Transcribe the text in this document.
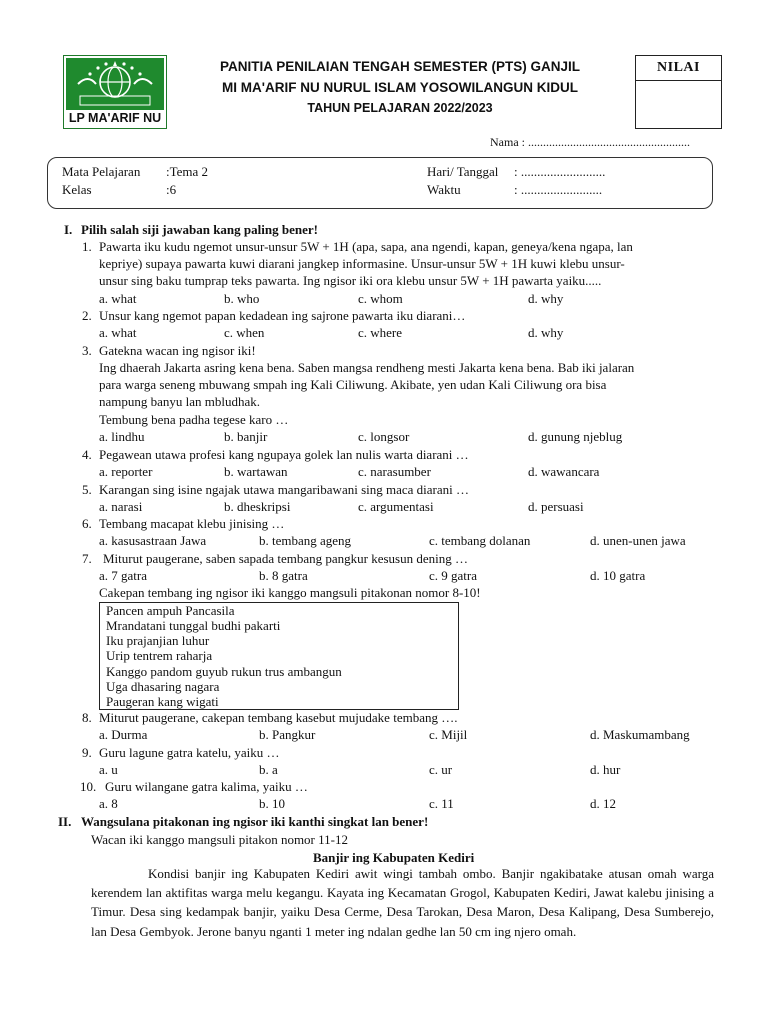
LP MA'ARIF NU
PANITIA PENILAIAN TENGAH SEMESTER (PTS) GANJIL
MI MA'ARIF NU NURUL ISLAM YOSOWILANGUN KIDUL
TAHUN PELAJARAN 2022/2023
NILAI
Nama : ......................................................
Mata Pelajaran :Tema 2
Kelas	:6
Hari/ Tanggal : ..........................
Waktu	: .........................
I. Pilih salah siji jawaban kang paling bener!
1. Pawarta iku kudu ngemot unsur-unsur 5W + 1H (apa, sapa, ana ngendi, kapan, geneya/kena ngapa, lan
kepriye) supaya pawarta kuwi diarani jangkep informasine. Unsur-unsur 5W + 1H kuwi klebu unsur-
unsur sing baku tumprap teks pawarta. Ing ngisor iki ora klebu unsur 5W + 1H pawarta yaiku.....
a. what	b. who	c. whom	d. why
2. Unsur kang ngemot papan kedadean ing sajrone pawarta iku diarani…
a. what	c. when	c. where	d. why
3. Gatekna wacan ing ngisor iki!
Ing dhaerah Jakarta asring kena bena. Saben mangsa rendheng mesti Jakarta kena bena. Bab iki jalaran
para warga seneng mbuwang smpah ing Kali Ciliwung. Akibate, yen udan Kali Ciliwung ora bisa
nampung banyu lan mbludhak.
Tembung bena padha tegese karo …
a. lindhu	b. banjir	c. longsor	d. gunung njeblug
4. Pegawean utawa profesi kang ngupaya golek lan nulis warta diarani …
a. reporter	b. wartawan	c. narasumber	d. wawancara
5. Karangan sing isine ngajak utawa mangaribawani sing maca diarani …
a. narasi	b. dheskripsi	c. argumentasi	d. persuasi
6. Tembang macapat klebu jinising …
a. kasusastraan Jawa	b. tembang ageng	c. tembang dolanan	d. unen-unen jawa
7. Miturut paugerane, saben sapada tembang pangkur kesusun dening …
a. 7 gatra	b. 8 gatra	c. 9 gatra	d. 10 gatra
Cakepan tembang ing ngisor iki kanggo mangsuli pitakonan nomor 8-10!
Pancen ampuh Pancasila
Mrandatani tunggal budhi pakarti
Iku prajanjian luhur
Urip tentrem raharja
Kanggo pandom guyub rukun trus ambangun
Uga dhasaring nagara
Paugeran kang wigati
8. Miturut paugerane, cakepan tembang kasebut mujudake tembang ….
a. Durma	b. Pangkur	c. Mijil	d. Maskumambang
9. Guru lagune gatra katelu, yaiku …
a. u	b. a	c. ur	d. hur
10. Guru wilangane gatra kalima, yaiku …
a. 8	b. 10	c. 11	d. 12
II. Wangsulana pitakonan ing ngisor iki kanthi singkat lan bener!
Wacan iki kanggo mangsuli pitakon nomor 11-12
Banjir ing Kabupaten Kediri
Kondisi banjir ing Kabupaten Kediri awit wingi tambah ombo. Banjir ngakibatake atusan omah warga kerendem lan aktifitas warga melu kegangu. Kayata ing Kecamatan Grogol, Kabupaten Kediri, Jawat kalebu jinising a Timur. Desa sing kedampak banjir, yaiku Desa Cerme, Desa Tarokan, Desa Maron, Desa Kalipang, Desa Sumberejo, lan Desa Gembyok. Jerone banyu nganti 1 meter ing ndalan gedhe lan 50 cm ing njero omah.
